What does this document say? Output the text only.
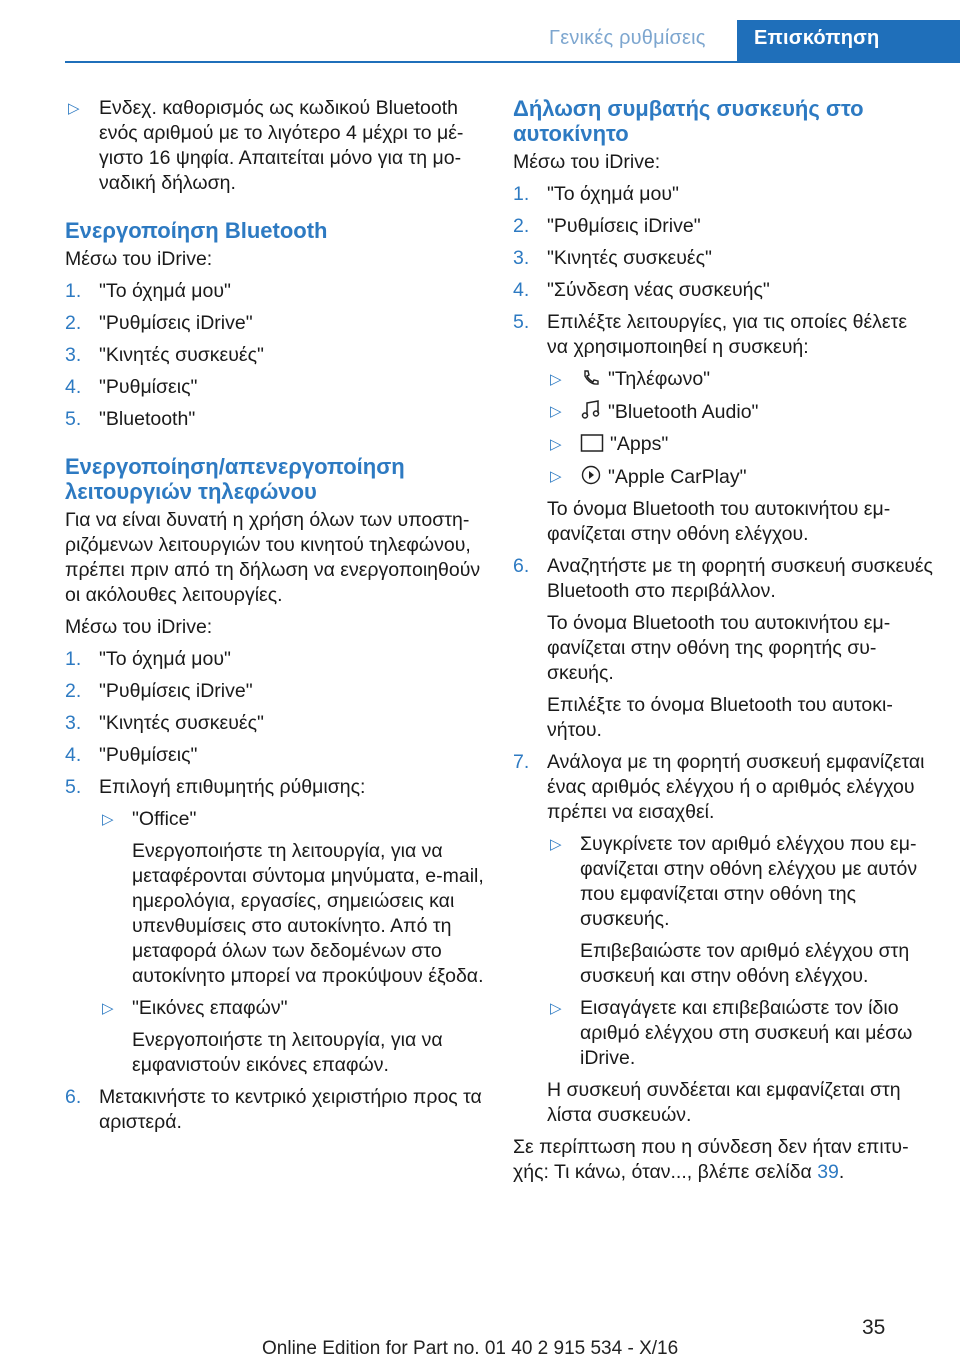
Γενικές ρυθμίσεις	Επισκόπηση
▷ Ενδεχ. καθορισμός ως κωδικού Bluetooth ενός αριθμού με το λιγότερο 4 μέχρι το μέγιστο 16 ψηφία. Απαιτείται μόνο για τη μοναδική δήλωση.
Ενεργοποίηση Bluetooth
Μέσω του iDrive:
1. "Το όχημά μου"
2. "Ρυθμίσεις iDrive"
3. "Κινητές συσκευές"
4. "Ρυθμίσεις"
5. "Bluetooth"
Ενεργοποίηση/απενεργοποίηση λειτουργιών τηλεφώνου
Για να είναι δυνατή η χρήση όλων των υποστηριζόμενων λειτουργιών του κινητού τηλεφώνου, πρέπει πριν από τη δήλωση να ενεργοποιηθούν οι ακόλουθες λειτουργίες.
Μέσω του iDrive:
1. "Το όχημά μου"
2. "Ρυθμίσεις iDrive"
3. "Κινητές συσκευές"
4. "Ρυθμίσεις"
5. Επιλογή επιθυμητής ρύθμισης:
▷ "Office"
Ενεργοποιήστε τη λειτουργία, για να μεταφέρονται σύντομα μηνύματα, e-mail, ημερολόγια, εργασίες, σημειώσεις και υπενθυμίσεις στο αυτοκίνητο. Από τη μεταφορά όλων των δεδομένων στο αυτοκίνητο μπορεί να προκύψουν έξοδα.
▷ "Εικόνες επαφών"
Ενεργοποιήστε τη λειτουργία, για να εμφανιστούν εικόνες επαφών.
6. Μετακινήστε το κεντρικό χειριστήριο προς τα αριστερά.
Δήλωση συμβατής συσκευής στο αυτοκίνητο
Μέσω του iDrive:
1. "Το όχημά μου"
2. "Ρυθμίσεις iDrive"
3. "Κινητές συσκευές"
4. "Σύνδεση νέας συσκευής"
5. Επιλέξτε λειτουργίες, για τις οποίες θέλετε να χρησιμοποιηθεί η συσκευή:
▷ "Τηλέφωνο"
▷ "Bluetooth Audio"
▷ "Apps"
▷ "Apple CarPlay"
Το όνομα Bluetooth του αυτοκινήτου εμφανίζεται στην οθόνη ελέγχου.
6. Αναζητήστε με τη φορητή συσκευή συσκευές Bluetooth στο περιβάλλον.
Το όνομα Bluetooth του αυτοκινήτου εμφανίζεται στην οθόνη της φορητής συσκευής.
Επιλέξτε το όνομα Bluetooth του αυτοκινήτου.
7. Ανάλογα με τη φορητή συσκευή εμφανίζεται ένας αριθμός ελέγχου ή ο αριθμός ελέγχου πρέπει να εισαχθεί.
▷ Συγκρίνετε τον αριθμό ελέγχου που εμφανίζεται στην οθόνη ελέγχου με αυτόν που εμφανίζεται στην οθόνη της συσκευής.
Επιβεβαιώστε τον αριθμό ελέγχου στη συσκευή και στην οθόνη ελέγχου.
▷ Εισαγάγετε και επιβεβαιώστε τον ίδιο αριθμό ελέγχου στη συσκευή και μέσω iDrive.
Η συσκευή συνδέεται και εμφανίζεται στη λίστα συσκευών.
Σε περίπτωση που η σύνδεση δεν ήταν επιτυχής: Τι κάνω, όταν..., βλέπε σελίδα 39.
35
Online Edition for Part no. 01 40 2 915 534 - X/16
